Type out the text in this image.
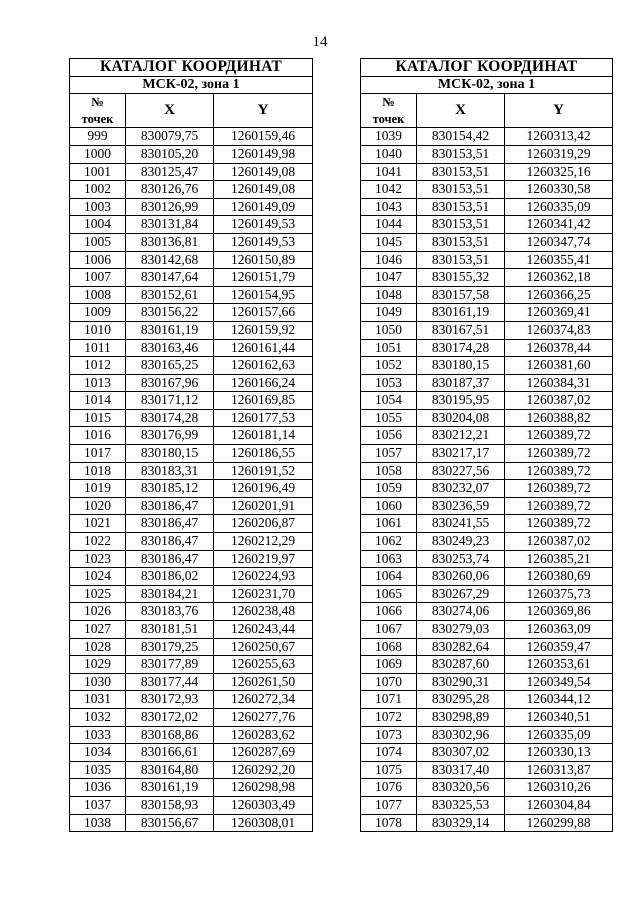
14
КАТАЛОГ КООРДИНАТ		
МСК-02, зона 1		
№
точек	X	Y
999	830079,75	1260159,46
1000	830105,20	1260149,98
1001	830125,47	1260149,08
1002	830126,76	1260149,08
1003	830126,99	1260149,09
1004	830131,84	1260149,53
1005	830136,81	1260149,53
1006	830142,68	1260150,89
1007	830147,64	1260151,79
1008	830152,61	1260154,95
1009	830156,22	1260157,66
1010	830161,19	1260159,92
1011	830163,46	1260161,44
1012	830165,25	1260162,63
1013	830167,96	1260166,24
1014	830171,12	1260169,85
1015	830174,28	1260177,53
1016	830176,99	1260181,14
1017	830180,15	1260186,55
1018	830183,31	1260191,52
1019	830185,12	1260196,49
1020	830186,47	1260201,91
1021	830186,47	1260206,87
1022	830186,47	1260212,29
1023	830186,47	1260219,97
1024	830186,02	1260224,93
1025	830184,21	1260231,70
1026	830183,76	1260238,48
1027	830181,51	1260243,44
1028	830179,25	1260250,67
1029	830177,89	1260255,63
1030	830177,44	1260261,50
1031	830172,93	1260272,34
1032	830172,02	1260277,76
1033	830168,86	1260283,62
1034	830166,61	1260287,69
1035	830164,80	1260292,20
1036	830161,19	1260298,98
1037	830158,93	1260303,49
1038	830156,67	1260308,01
КАТАЛОГ КООРДИНАТ		
МСК-02, зона 1		
№
точек	X	Y
1039	830154,42	1260313,42
1040	830153,51	1260319,29
1041	830153,51	1260325,16
1042	830153,51	1260330,58
1043	830153,51	1260335,09
1044	830153,51	1260341,42
1045	830153,51	1260347,74
1046	830153,51	1260355,41
1047	830155,32	1260362,18
1048	830157,58	1260366,25
1049	830161,19	1260369,41
1050	830167,51	1260374,83
1051	830174,28	1260378,44
1052	830180,15	1260381,60
1053	830187,37	1260384,31
1054	830195,95	1260387,02
1055	830204,08	1260388,82
1056	830212,21	1260389,72
1057	830217,17	1260389,72
1058	830227,56	1260389,72
1059	830232,07	1260389,72
1060	830236,59	1260389,72
1061	830241,55	1260389,72
1062	830249,23	1260387,02
1063	830253,74	1260385,21
1064	830260,06	1260380,69
1065	830267,29	1260375,73
1066	830274,06	1260369,86
1067	830279,03	1260363,09
1068	830282,64	1260359,47
1069	830287,60	1260353,61
1070	830290,31	1260349,54
1071	830295,28	1260344,12
1072	830298,89	1260340,51
1073	830302,96	1260335,09
1074	830307,02	1260330,13
1075	830317,40	1260313,87
1076	830320,56	1260310,26
1077	830325,53	1260304,84
1078	830329,14	1260299,88
